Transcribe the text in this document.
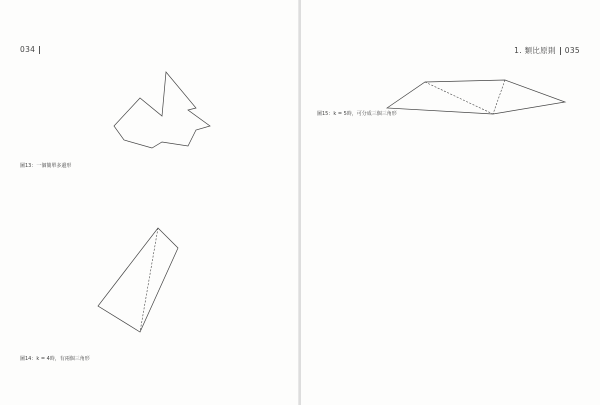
034
圖13：一個簡單多邊形
圖14：k = 4時，有兩個三角形
1. 類比原則 035
圖15：k = 5時，可分成三個三角形
